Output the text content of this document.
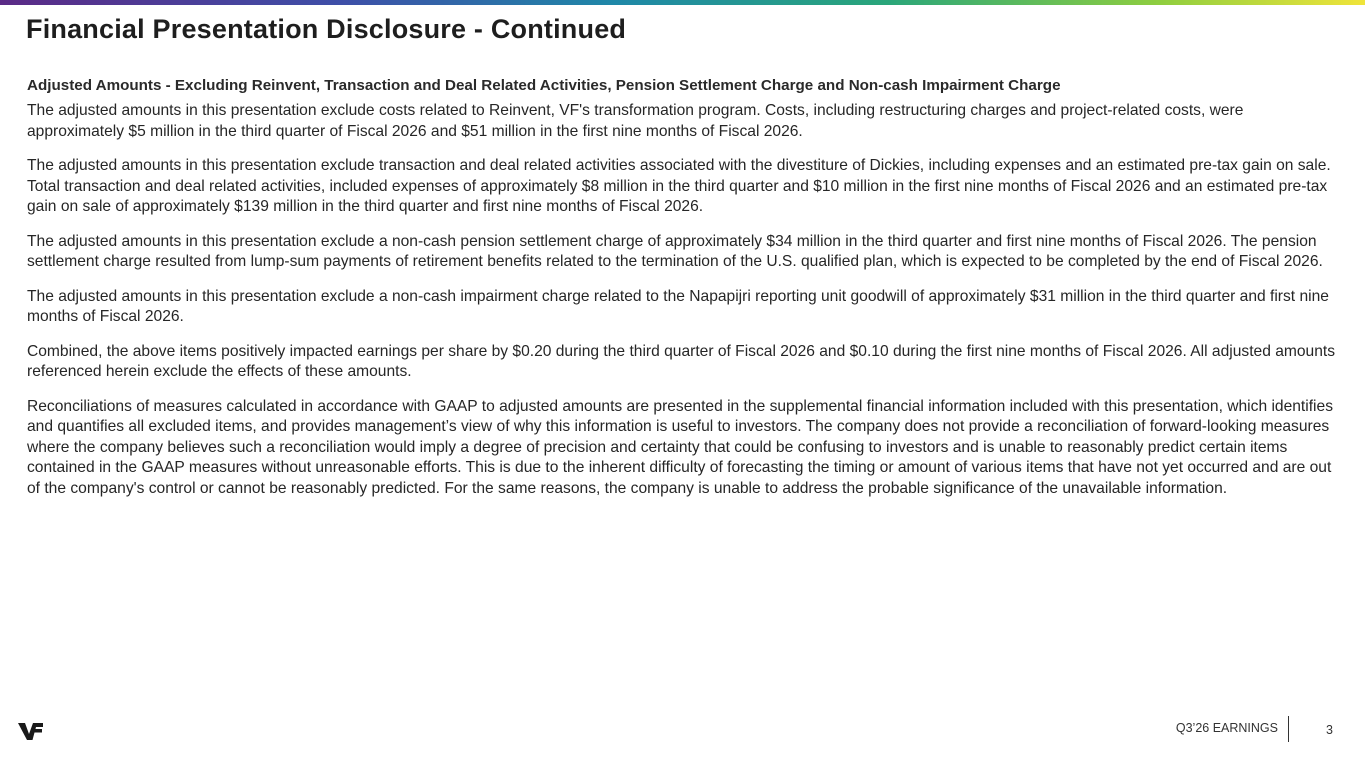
Financial Presentation Disclosure - Continued

Adjusted Amounts - Excluding Reinvent, Transaction and Deal Related Activities, Pension Settlement Charge and Non-cash Impairment Charge

The adjusted amounts in this presentation exclude costs related to Reinvent, VF's transformation program. Costs, including restructuring charges and project-related costs, were approximately $5 million in the third quarter of Fiscal 2026 and $51 million in the first nine months of Fiscal 2026.

The adjusted amounts in this presentation exclude transaction and deal related activities associated with the divestiture of Dickies, including expenses and an estimated pre-tax gain on sale. Total transaction and deal related activities, included expenses of approximately $8 million in the third quarter and $10 million in the first nine months of Fiscal 2026 and an estimated pre-tax gain on sale of approximately $139 million in the third quarter and first nine months of Fiscal 2026.

The adjusted amounts in this presentation exclude a non-cash pension settlement charge of approximately $34 million in the third quarter and first nine months of Fiscal 2026. The pension settlement charge resulted from lump-sum payments of retirement benefits related to the termination of the U.S. qualified plan, which is expected to be completed by the end of Fiscal 2026.

The adjusted amounts in this presentation exclude a non-cash impairment charge related to the Napapijri reporting unit goodwill of approximately $31 million in the third quarter and first nine months of Fiscal 2026.

Combined, the above items positively impacted earnings per share by $0.20 during the third quarter of Fiscal 2026 and $0.10 during the first nine months of Fiscal 2026. All adjusted amounts referenced herein exclude the effects of these amounts.

Reconciliations of measures calculated in accordance with GAAP to adjusted amounts are presented in the supplemental financial information included with this presentation, which identifies and quantifies all excluded items, and provides management’s view of why this information is useful to investors. The company does not provide a reconciliation of forward-looking measures where the company believes such a reconciliation would imply a degree of precision and certainty that could be confusing to investors and is unable to reasonably predict certain items contained in the GAAP measures without unreasonable efforts. This is due to the inherent difficulty of forecasting the timing or amount of various items that have not yet occurred and are out of the company's control or cannot be reasonably predicted. For the same reasons, the company is unable to address the probable significance of the unavailable information.

Q3’26 EARNINGS	3
